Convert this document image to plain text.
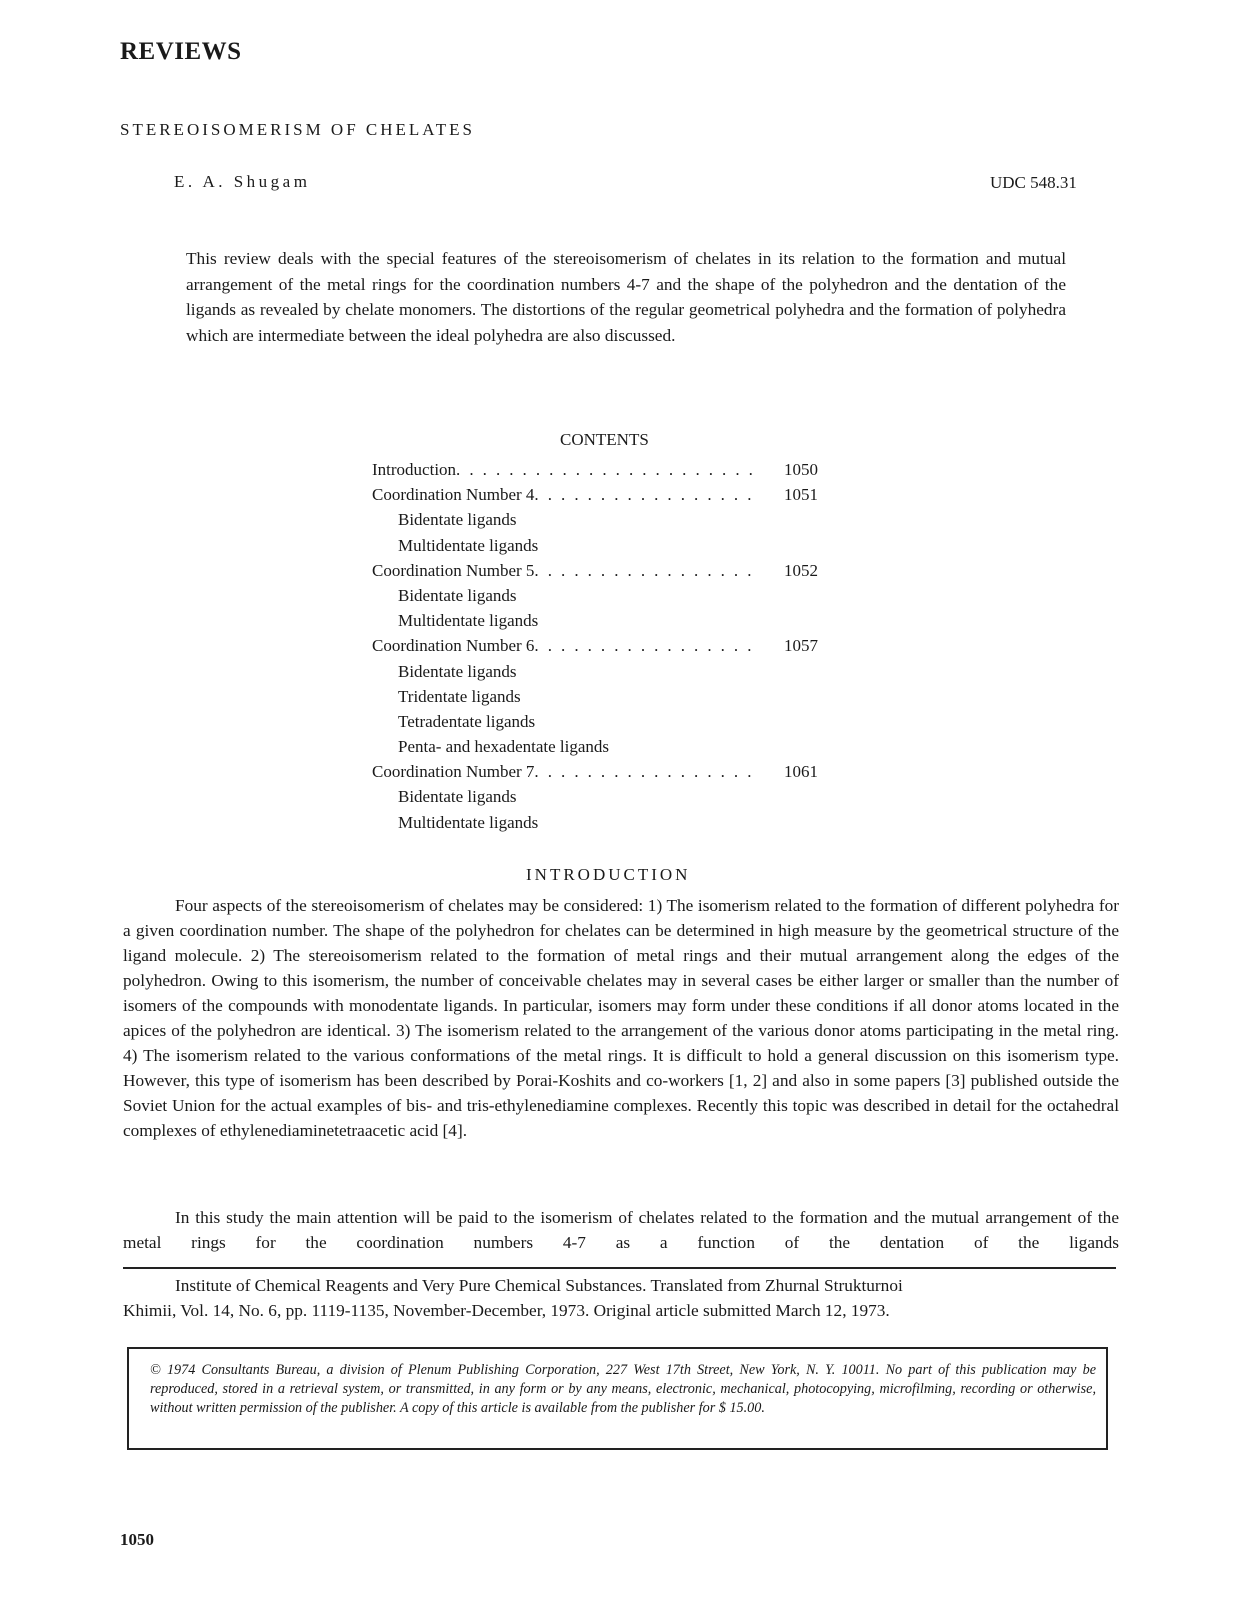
REVIEWS
STEREOISOMERISM OF CHELATES
E. A. Shugam	UDC 548.31
This review deals with the special features of the stereoisomerism of chelates in its relation to the formation and mutual arrangement of the metal rings for the coordination numbers 4-7 and the shape of the polyhedron and the dentation of the ligands as revealed by chelate monomers. The distortions of the regular geometrical polyhedra and the formation of polyhedra which are intermediate between the ideal polyhedra are also discussed.
CONTENTS
Introduction . . . . . . . . . . . . . . . . . . . . . . . 1050
Coordination Number 4 . . . . . . . . . . . . . . . . . 1051
Bidentate ligands
Multidentate ligands
Coordination Number 5 . . . . . . . . . . . . . . . . . 1052
Bidentate ligands
Multidentate ligands
Coordination Number 6 . . . . . . . . . . . . . . . . . 1057
Bidentate ligands
Tridentate ligands
Tetradentate ligands
Penta- and hexadentate ligands
Coordination Number 7 . . . . . . . . . . . . . . . . . 1061
Bidentate ligands
Multidentate ligands
INTRODUCTION
Four aspects of the stereoisomerism of chelates may be considered: 1) The isomerism related to the formation of different polyhedra for a given coordination number. The shape of the polyhedron for chelates can be determined in high measure by the geometrical structure of the ligand molecule. 2) The stereoisomerism related to the formation of metal rings and their mutual arrangement along the edges of the polyhedron. Owing to this isomerism, the number of conceivable chelates may in several cases be either larger or smaller than the number of isomers of the compounds with monodentate ligands. In particular, isomers may form under these conditions if all donor atoms located in the apices of the polyhedron are identical. 3) The isomerism related to the arrangement of the various donor atoms participating in the metal ring. 4) The isomerism related to the various conformations of the metal rings. It is difficult to hold a general discussion on this isomerism type. However, this type of isomerism has been described by Porai-Koshits and co-workers [1, 2] and also in some papers [3] published outside the Soviet Union for the actual examples of bis- and tris-ethylenediamine complexes. Recently this topic was described in detail for the octahedral complexes of ethylenediaminetetraacetic acid [4].
In this study the main attention will be paid to the isomerism of chelates related to the formation and the mutual arrangement of the metal rings for the coordination numbers 4-7 as a function of the dentation of the ligands
Institute of Chemical Reagents and Very Pure Chemical Substances. Translated from Zhurnal Strukturnoi
Khimii, Vol. 14, No. 6, pp. 1119-1135, November-December, 1973. Original article submitted March 12, 1973.
© 1974 Consultants Bureau, a division of Plenum Publishing Corporation, 227 West 17th Street, New York, N. Y. 10011. No part of this publication may be reproduced, stored in a retrieval system, or transmitted, in any form or by any means, electronic, mechanical, photocopying, microfilming, recording or otherwise, without written permission of the publisher. A copy of this article is available from the publisher for $ 15.00.
1050
